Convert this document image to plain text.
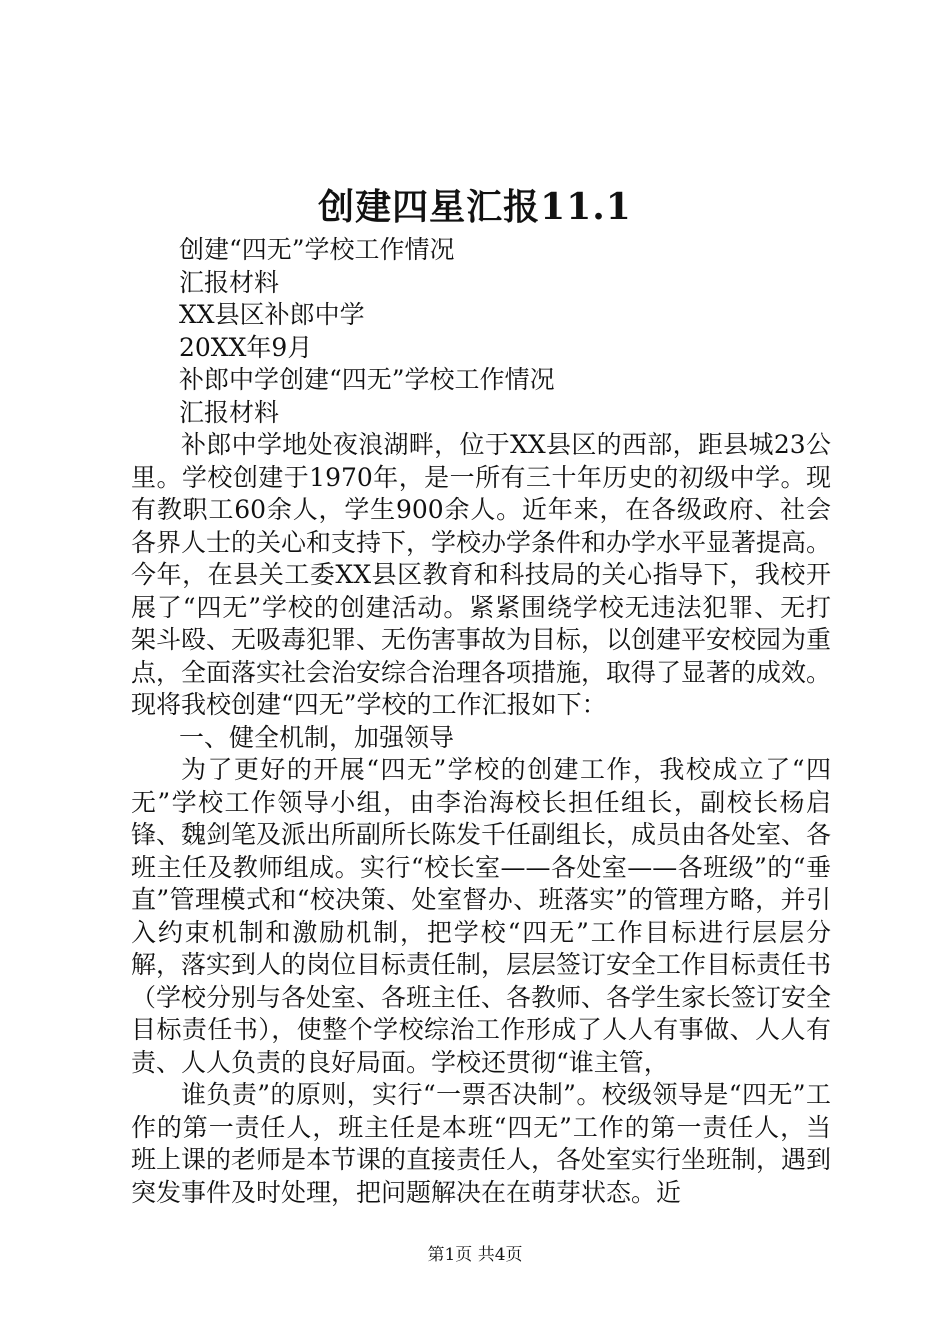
创建四星汇报11.1
创建“四无”学校工作情况
汇报材料
XX县区补郎中学
20XX年9月
补郎中学创建“四无”学校工作情况
汇报材料
补郎中学地处夜浪湖畔，位于XX县区的西部，距县城23公里。学校创建于1970年，是一所有三十年历史的初级中学。现有教职工60余人，学生900余人。近年来，在各级政府、社会各界人士的关心和支持下，学校办学条件和办学水平显著提高。今年，在县关工委XX县区教育和科技局的关心指导下，我校开展了“四无”学校的创建活动。紧紧围绕学校无违法犯罪、无打架斗殴、无吸毒犯罪、无伤害事故为目标，以创建平安校园为重点，全面落实社会治安综合治理各项措施，取得了显著的成效。现将我校创建“四无”学校的工作汇报如下：
一、健全机制，加强领导
为了更好的开展“四无”学校的创建工作，我校成立了“四无”学校工作领导小组，由李治海校长担任组长，副校长杨启锋、魏剑笔及派出所副所长陈发千任副组长，成员由各处室、各班主任及教师组成。实行“校长室——各处室——各班级”的“垂直”管理模式和“校决策、处室督办、班落实”的管理方略，并引入约束机制和激励机制，把学校“四无”工作目标进行层层分解，落实到人的岗位目标责任制，层层签订安全工作目标责任书（学校分别与各处室、各班主任、各教师、各学生家长签订安全目标责任书），使整个学校综治工作形成了人人有事做、人人有责、人人负责的良好局面。学校还贯彻“谁主管，
谁负责”的原则，实行“一票否决制”。校级领导是“四无”工作的第一责任人，班主任是本班“四无”工作的第一责任人，当班上课的老师是本节课的直接责任人，各处室实行坐班制，遇到突发事件及时处理，把问题解决在在萌芽状态。近
第1页 共4页
